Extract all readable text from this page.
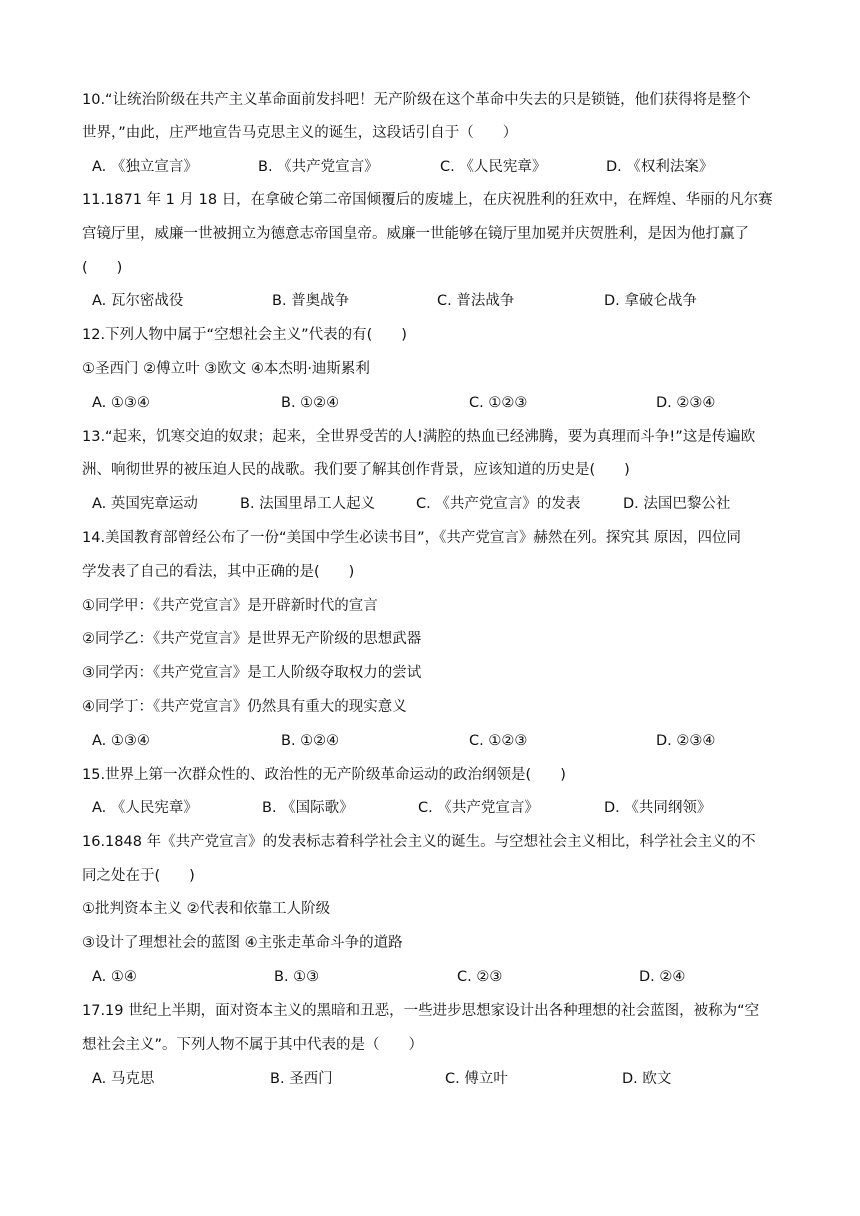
10.“让统治阶级在共产主义革命面前发抖吧！无产阶级在这个革命中失去的只是锁链，他们获得将是整个
世界，”由此，庄严地宣告马克思主义的诞生，这段话引自于（　　）
A. 《独立宣言》	B. 《共产党宣言》	C. 《人民宪章》	D. 《权利法案》
11.1871 年 1 月 18 日，在拿破仑第二帝国倾覆后的废墟上，在庆祝胜利的狂欢中，在辉煌、华丽的凡尔赛
宫镜厅里，威廉一世被拥立为德意志帝国皇帝。威廉一世能够在镜厅里加冕并庆贺胜利，是因为他打赢了
(　　)
A. 瓦尔密战役	B. 普奥战争	C. 普法战争	D. 拿破仑战争
12.下列人物中属于“空想社会主义”代表的有(　　)
①圣西门 ②傅立叶 ③欧文 ④本杰明·迪斯累利
A. ①③④	B. ①②④	C. ①②③	D. ②③④
13.“起来，饥寒交迫的奴隶；起来，全世界受苦的人!满腔的热血已经沸腾，要为真理而斗争!”这是传遍欧
洲、响彻世界的被压迫人民的战歌。我们要了解其创作背景，应该知道的历史是(　　)
A. 英国宪章运动	B. 法国里昂工人起义	C. 《共产党宣言》的发表	D. 法国巴黎公社
14.美国教育部曾经公布了一份“美国中学生必读书目”，《共产党宣言》赫然在列。探究其 原因，四位同
学发表了自己的看法，其中正确的是(　　)
①同学甲：《共产党宣言》是开辟新时代的宣言
②同学乙：《共产党宣言》是世界无产阶级的思想武器
③同学丙：《共产党宣言》是工人阶级夺取权力的尝试
④同学丁：《共产党宣言》仍然具有重大的现实意义
A. ①③④	B. ①②④	C. ①②③	D. ②③④
15.世界上第一次群众性的、政治性的无产阶级革命运动的政治纲领是(　　)
A. 《人民宪章》	B. 《国际歌》	C. 《共产党宣言》	D. 《共同纲领》
16.1848 年《共产党宣言》的发表标志着科学社会主义的诞生。与空想社会主义相比，科学社会主义的不
同之处在于(　　)
①批判资本主义 ②代表和依靠工人阶级
③设计了理想社会的蓝图 ④主张走革命斗争的道路
A. ①④	B. ①③	C. ②③	D. ②④
17.19 世纪上半期，面对资本主义的黑暗和丑恶，一些进步思想家设计出各种理想的社会蓝图，被称为“空
想社会主义”。下列人物不属于其中代表的是（　　）
A. 马克思	B. 圣西门	C. 傅立叶	D. 欧文
